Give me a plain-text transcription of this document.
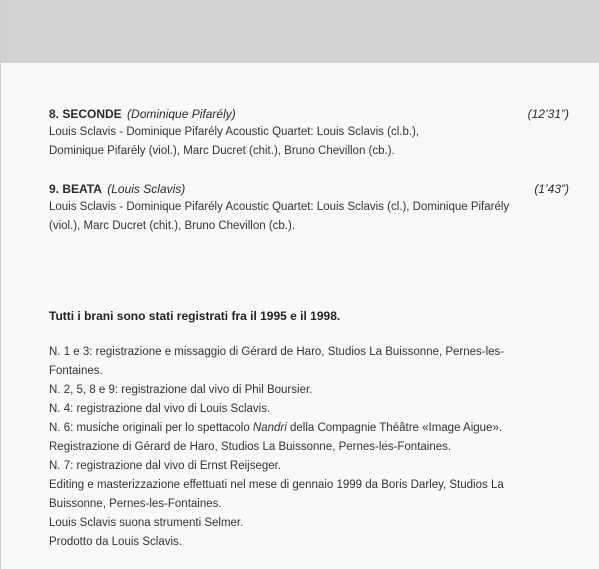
8. SECONDE (Dominique Pifarély)	(12’31”)
Louis Sclavis - Dominique Pifarély Acoustic Quartet: Louis Sclavis (cl.b.),
Dominique Pifarély (viol.), Marc Ducret (chit.), Bruno Chevillon (cb.).
9. BEATA (Louis Sclavis)	(1’43”)
Louis Sclavis - Dominique Pifarély Acoustic Quartet: Louis Sclavis (cl.), Dominique Pifarély
(viol.), Marc Ducret (chit.), Bruno Chevillon (cb.).
Tutti i brani sono stati registrati fra il 1995 e il 1998.
N. 1 e 3: registrazione e missaggio di Gérard de Haro, Studios La Buissonne, Pernes-les-
Fontaines.
N. 2, 5, 8 e 9: registrazione dal vivo di Phil Boursier.
N. 4: registrazione dal vivo di Louis Sclavis.
N. 6: musiche originali per lo spettacolo Nandri della Compagnie Théâtre «Image Aigue».
Registrazione di Gérard de Haro, Studios La Buissonne, Pernes-les-Fontaines.
N. 7: registrazione dal vivo di Ernst Reijseger.
Editing e masterizzazione effettuati nel mese di gennaio 1999 da Boris Darley, Studios La
Buissonne, Pernes-les-Fontaines.
Louis Sclavis suona strumenti Selmer.
Prodotto da Louis Sclavis.
